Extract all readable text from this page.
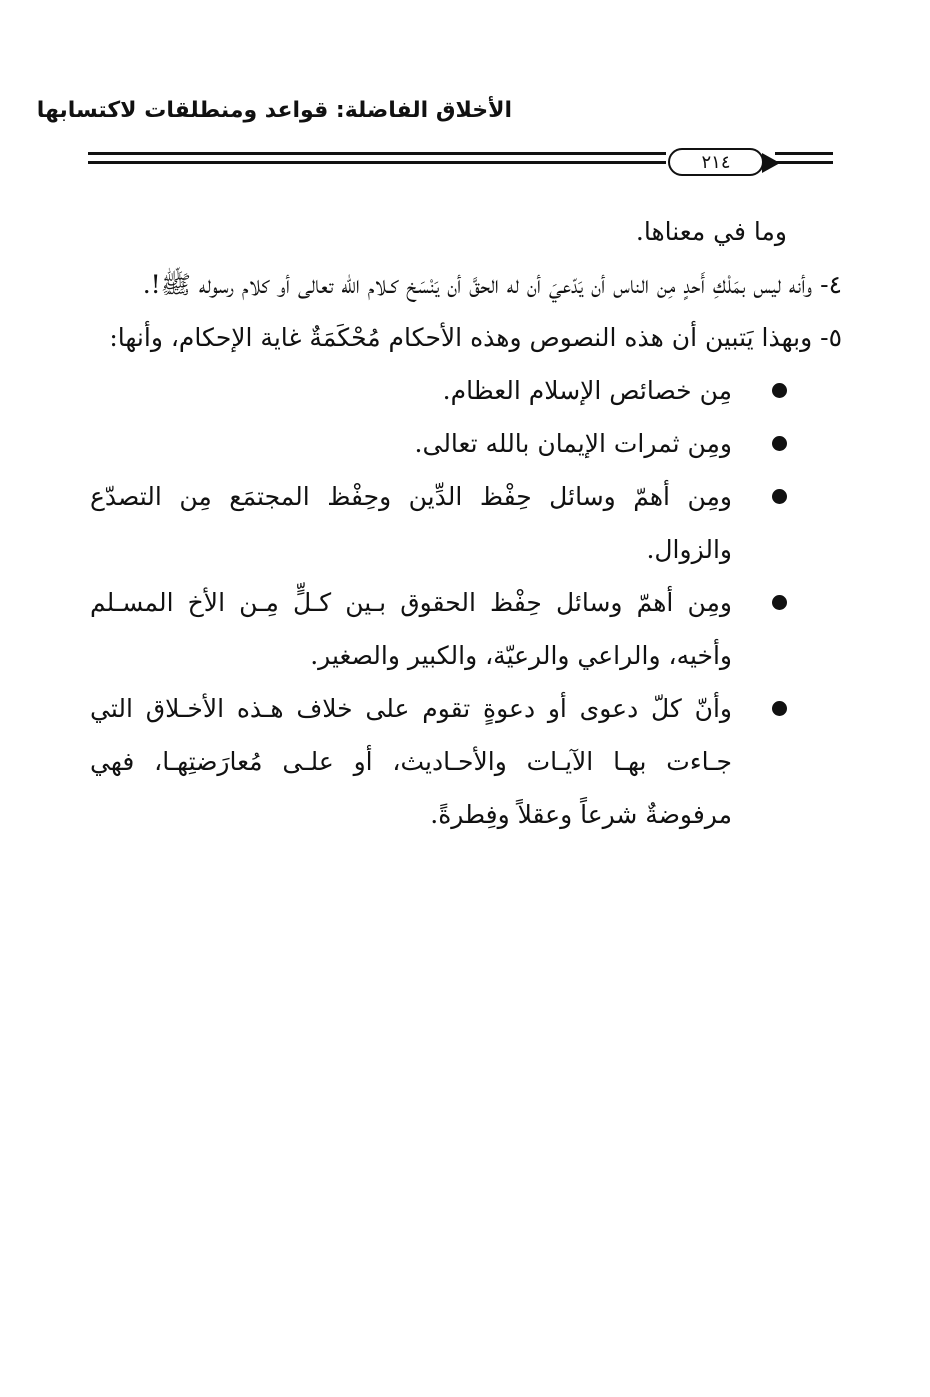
الأخلاق الفاضلة: قواعد ومنطلقات لاكتسابها
٢١٤

وما في معناها.

٤- وأنه ليس بمَلْكِ أَحدٍ مِن الناس أن يَدّعيَ أن له الحقَّ أن يَنْسَخ كـلام الله تعالى أو كلام رسوله ﷺ!.

٥- وبهذا يَتبين أن هذه النصوص وهذه الأحكام مُحْكَمَةٌ غاية الإحكام، وأنها:

مِن خصائص الإسلام العظام.
ومِن ثمرات الإيمان بالله تعالى.
ومِن أهمّ وسائل حِفْظ الدِّين وحِفْظ المجتمَع مِن التصدّع والزوال.
ومِن أهمّ وسائل حِفْظ الحقوق بـين كـلٍّ مِـن الأخ المسـلم وأخيه، والراعي والرعيّة، والكبير والصغير.
وأنّ كلّ دعوى أو دعوةٍ تقوم على خلاف هـذه الأخـلاق التي جـاءت بهـا الآيـات والأحـاديث، أو علـى مُعارَضتِهـا، فهي مرفوضةٌ شرعاً وعقلاً وفِطرةً.
